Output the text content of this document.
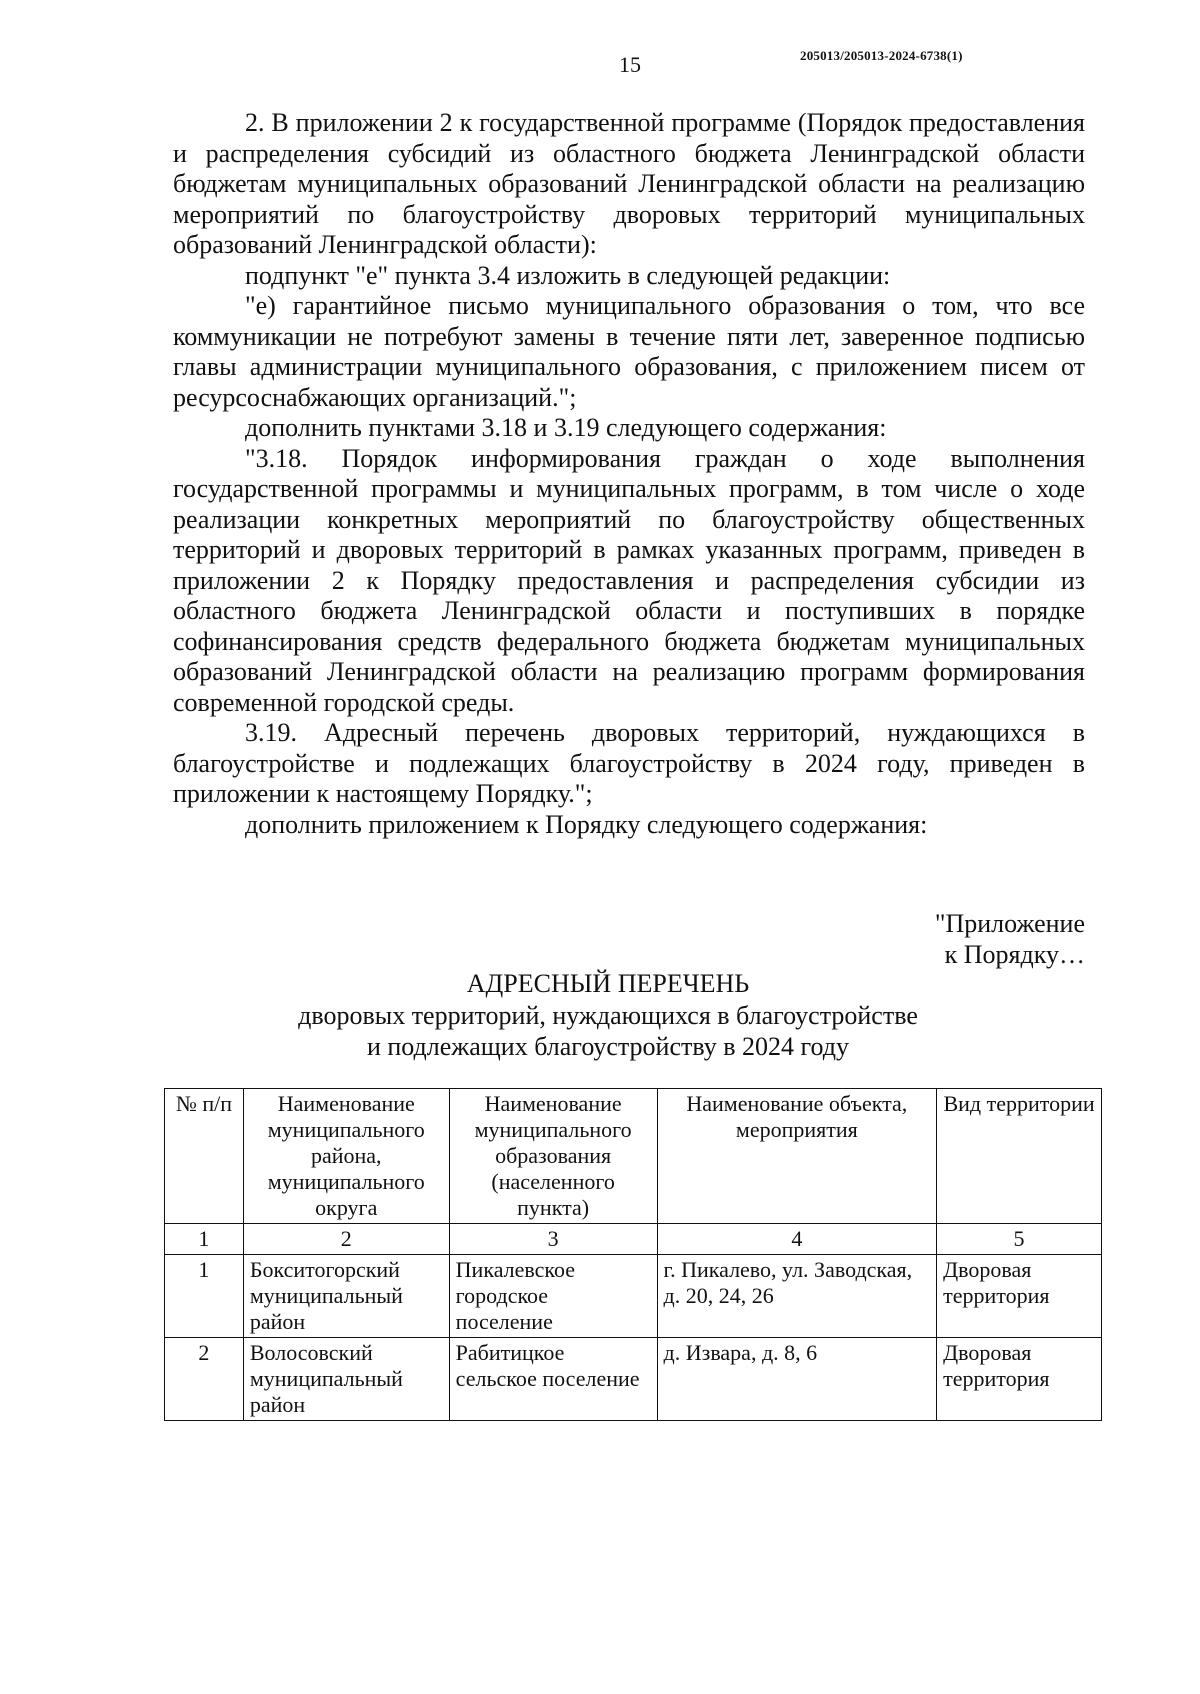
15	205013/205013-2024-6738(1)

2. В приложении 2 к государственной программе (Порядок предоставления и распределения субсидий из областного бюджета Ленинградской области бюджетам муниципальных образований Ленинградской области на реализацию мероприятий по благоустройству дворовых территорий муниципальных образований Ленинградской области):

подпункт "е" пункта 3.4 изложить в следующей редакции:

"е) гарантийное письмо муниципального образования о том, что все коммуникации не потребуют замены в течение пяти лет, заверенное подписью главы администрации муниципального образования, с приложением писем от ресурсоснабжающих организаций.";

дополнить пунктами 3.18 и 3.19 следующего содержания:

"3.18. Порядок информирования граждан о ходе выполнения государственной программы и муниципальных программ, в том числе о ходе реализации конкретных мероприятий по благоустройству общественных территорий и дворовых территорий в рамках указанных программ, приведен в приложении 2 к Порядку предоставления и распределения субсидии из областного бюджета Ленинградской области и поступивших в порядке софинансирования средств федерального бюджета бюджетам муниципальных образований Ленинградской области на реализацию программ формирования современной городской среды.

3.19. Адресный перечень дворовых территорий, нуждающихся в благоустройстве и подлежащих благоустройству в 2024 году, приведен в приложении к настоящему Порядку.";

дополнить приложением к Порядку следующего содержания:

"Приложение
к Порядку…
АДРЕСНЫЙ ПЕРЕЧЕНЬ
дворовых территорий, нуждающихся в благоустройстве
и подлежащих благоустройству в 2024 году
№ п/п	Наименование муниципального района, муниципального округа	Наименование муниципального образования (населенного пункта)	Наименование объекта, мероприятия	Вид территории
1	2	3	4	5
1	Бокситогорский муниципальный район	Пикалевское городское поселение	г. Пикалево, ул. Заводская, д. 20, 24, 26	Дворовая территория
2	Волосовский муниципальный район	Рабитицкое сельское поселение	д. Извара, д. 8, 6	Дворовая территория
